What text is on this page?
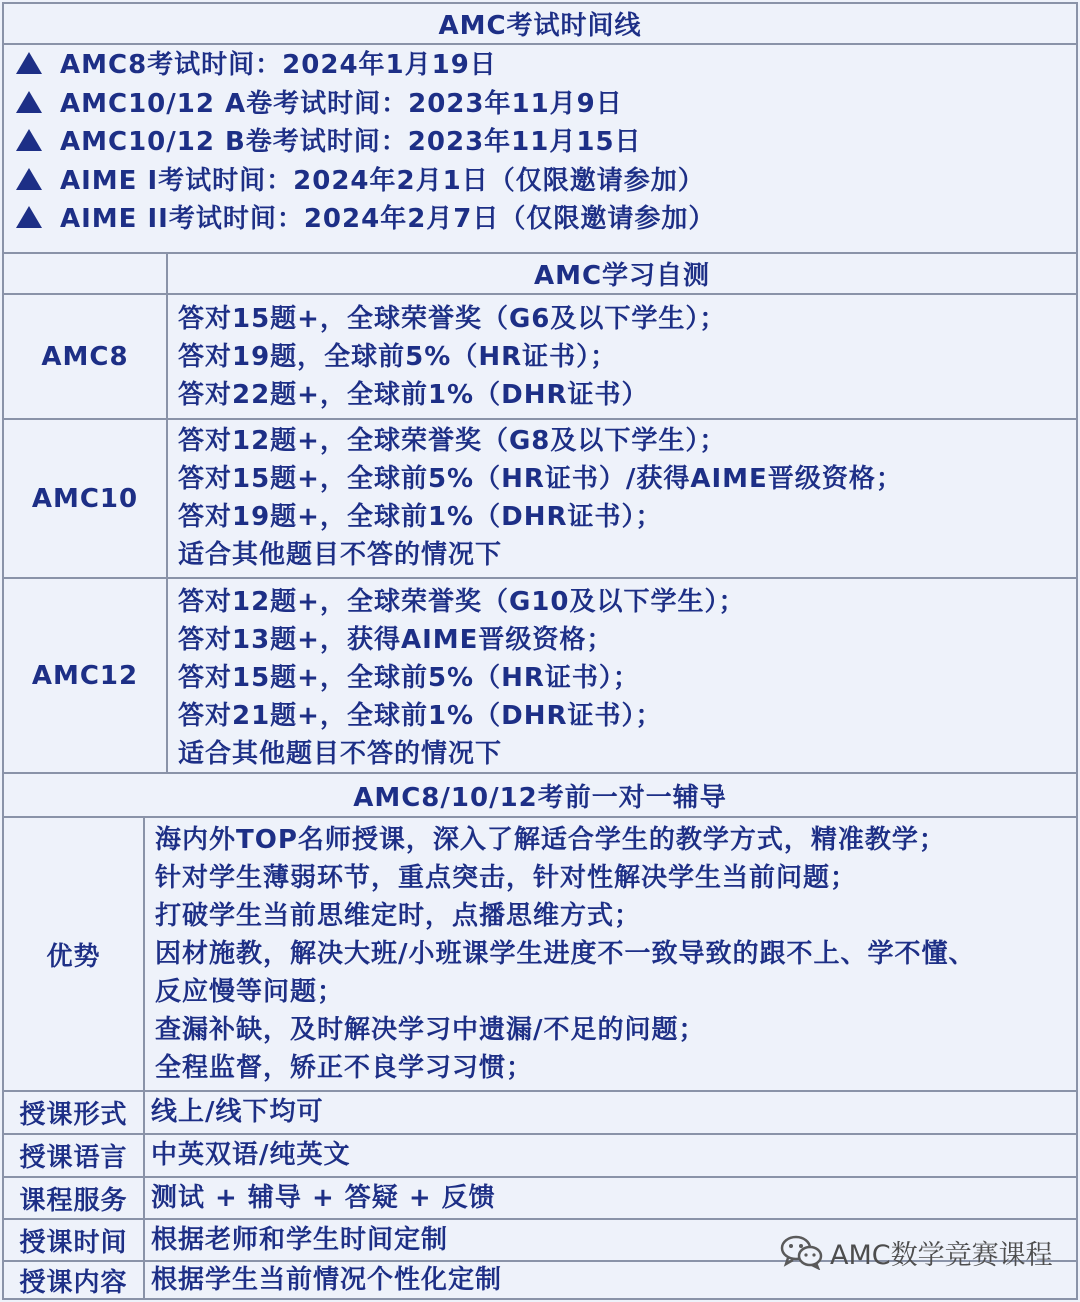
AMC考试时间线
AMC8考试时间：2024年1月19日
AMC10/12 A卷考试时间：2023年11月9日
AMC10/12 B卷考试时间：2023年11月15日
AIME I考试时间：2024年2月1日（仅限邀请参加）
AIME II考试时间：2024年2月7日（仅限邀请参加）
AMC学习自测
AMC8
答对15题+，全球荣誉奖（G6及以下学生）；
答对19题，全球前5%（HR证书）；
答对22题+，全球前1%（DHR证书）
AMC10
答对12题+，全球荣誉奖（G8及以下学生）；
答对15题+，全球前5%（HR证书）/获得AIME晋级资格；
答对19题+，全球前1%（DHR证书）；
适合其他题目不答的情况下
AMC12
答对12题+，全球荣誉奖（G10及以下学生）；
答对13题+，获得AIME晋级资格；
答对15题+，全球前5%（HR证书）；
答对21题+，全球前1%（DHR证书）；
适合其他题目不答的情况下
AMC8/10/12考前一对一辅导
优势
海内外TOP名师授课，深入了解适合学生的教学方式，精准教学；
针对学生薄弱环节，重点突击，针对性解决学生当前问题；
打破学生当前思维定时，点播思维方式；
因材施教，解决大班/小班课学生进度不一致导致的跟不上、学不懂、
反应慢等问题；
查漏补缺，及时解决学习中遗漏/不足的问题；
全程监督，矫正不良学习习惯；
授课形式 线上/线下均可
授课语言 中英双语/纯英文
课程服务 测试 + 辅导 + 答疑 + 反馈
授课时间 根据老师和学生时间定制
授课内容 根据学生当前情况个性化定制
AMC数学竞赛课程
